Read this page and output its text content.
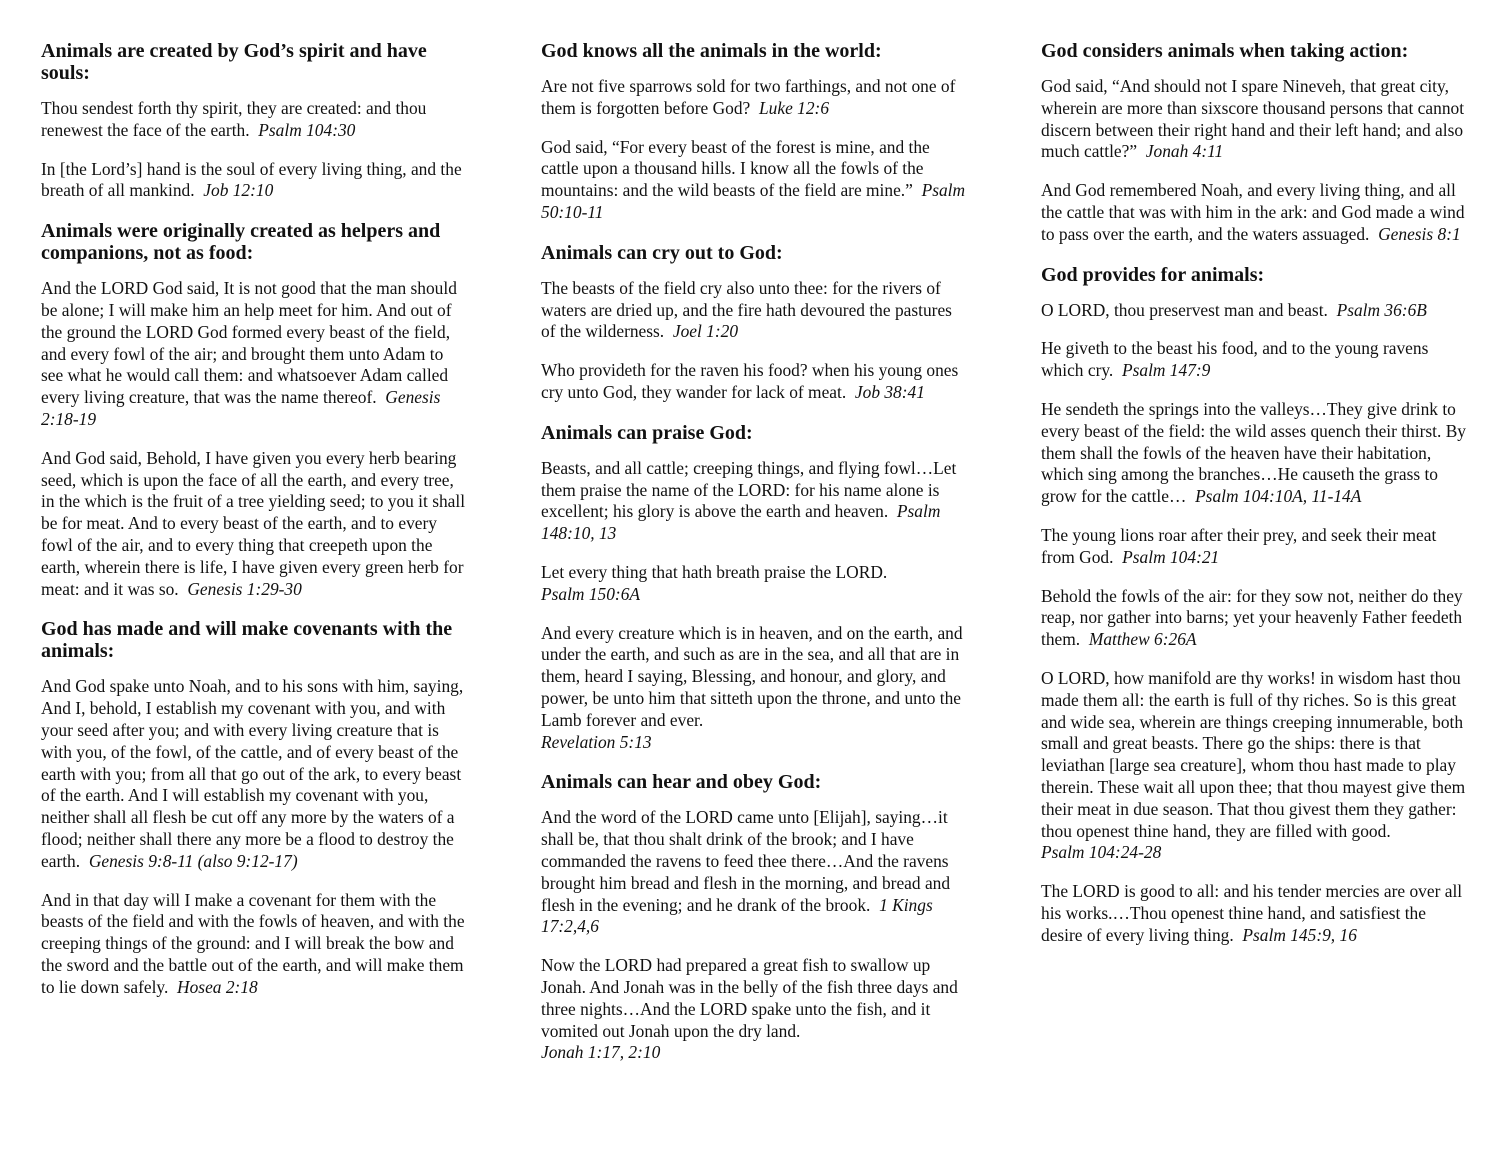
Animals are created by God’s spirit and have souls:

Thou sendest forth thy spirit, they are created: and thou renewest the face of the earth. Psalm 104:30

In [the Lord’s] hand is the soul of every living thing, and the breath of all mankind. Job 12:10

Animals were originally created as helpers and companions, not as food:

And the LORD God said, It is not good that the man should be alone; I will make him an help meet for him. And out of the ground the LORD God formed every beast of the field, and every fowl of the air; and brought them unto Adam to see what he would call them: and whatsoever Adam called every living creature, that was the name thereof. Genesis 2:18-19

And God said, Behold, I have given you every herb bearing seed, which is upon the face of all the earth, and every tree, in the which is the fruit of a tree yielding seed; to you it shall be for meat. And to every beast of the earth, and to every fowl of the air, and to every thing that creepeth upon the earth, wherein there is life, I have given every green herb for meat: and it was so. Genesis 1:29-30

God has made and will make covenants with the animals:

And God spake unto Noah, and to his sons with him, saying, And I, behold, I establish my covenant with you, and with your seed after you; and with every living creature that is with you, of the fowl, of the cattle, and of every beast of the earth with you; from all that go out of the ark, to every beast of the earth. And I will establish my covenant with you, neither shall all flesh be cut off any more by the waters of a flood; neither shall there any more be a flood to destroy the earth. Genesis 9:8-11 (also 9:12-17)

And in that day will I make a covenant for them with the beasts of the field and with the fowls of heaven, and with the creeping things of the ground: and I will break the bow and the sword and the battle out of the earth, and will make them to lie down safely. Hosea 2:18

God knows all the animals in the world:

Are not five sparrows sold for two farthings, and not one of them is forgotten before God? Luke 12:6

God said, “For every beast of the forest is mine, and the cattle upon a thousand hills. I know all the fowls of the mountains: and the wild beasts of the field are mine.” Psalm 50:10-11

Animals can cry out to God:

The beasts of the field cry also unto thee: for the rivers of waters are dried up, and the fire hath devoured the pastures of the wilderness. Joel 1:20

Who provideth for the raven his food? when his young ones cry unto God, they wander for lack of meat. Job 38:41

Animals can praise God:

Beasts, and all cattle; creeping things, and flying fowl…Let them praise the name of the LORD: for his name alone is excellent; his glory is above the earth and heaven. Psalm 148:10, 13

Let every thing that hath breath praise the LORD.
Psalm 150:6A

And every creature which is in heaven, and on the earth, and under the earth, and such as are in the sea, and all that are in them, heard I saying, Blessing, and honour, and glory, and power, be unto him that sitteth upon the throne, and unto the Lamb forever and ever.
Revelation 5:13

Animals can hear and obey God:

And the word of the LORD came unto [Elijah], saying…it shall be, that thou shalt drink of the brook; and I have commanded the ravens to feed thee there…And the ravens brought him bread and flesh in the morning, and bread and flesh in the evening; and he drank of the brook. 1 Kings 17:2,4,6

Now the LORD had prepared a great fish to swallow up Jonah. And Jonah was in the belly of the fish three days and three nights…And the LORD spake unto the fish, and it vomited out Jonah upon the dry land.
Jonah 1:17, 2:10

God considers animals when taking action:

God said, “And should not I spare Nineveh, that great city, wherein are more than sixscore thousand persons that cannot discern between their right hand and their left hand; and also much cattle?” Jonah 4:11

And God remembered Noah, and every living thing, and all the cattle that was with him in the ark: and God made a wind to pass over the earth, and the waters assuaged. Genesis 8:1

God provides for animals:

O LORD, thou preservest man and beast. Psalm 36:6B

He giveth to the beast his food, and to the young ravens which cry. Psalm 147:9

He sendeth the springs into the valleys…They give drink to every beast of the field: the wild asses quench their thirst. By them shall the fowls of the heaven have their habitation, which sing among the branches…He causeth the grass to grow for the cattle… Psalm 104:10A, 11-14A

The young lions roar after their prey, and seek their meat from God. Psalm 104:21

Behold the fowls of the air: for they sow not, neither do they reap, nor gather into barns; yet your heavenly Father feedeth them. Matthew 6:26A

O LORD, how manifold are thy works! in wisdom hast thou made them all: the earth is full of thy riches. So is this great and wide sea, wherein are things creeping innumerable, both small and great beasts. There go the ships: there is that leviathan [large sea creature], whom thou hast made to play therein. These wait all upon thee; that thou mayest give them their meat in due season. That thou givest them they gather: thou openest thine hand, they are filled with good.
Psalm 104:24-28

The LORD is good to all: and his tender mercies are over all his works.…Thou openest thine hand, and satisfiest the desire of every living thing. Psalm 145:9, 16
